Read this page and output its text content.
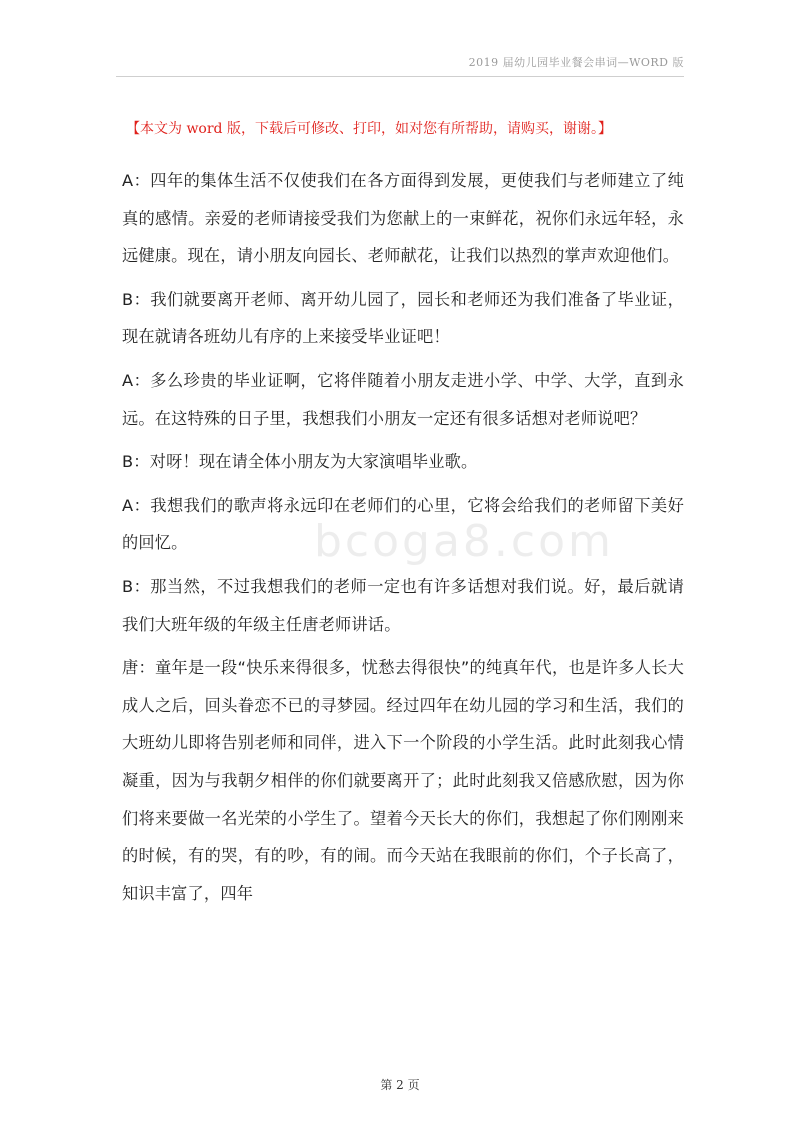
2019 届幼儿园毕业餐会串词—WORD 版
【本文为 word 版，下载后可修改、打印，如对您有所帮助，请购买，谢谢。】

A：四年的集体生活不仅使我们在各方面得到发展，更使我们与老师建立了纯真的感情。亲爱的老师请接受我们为您献上的一束鲜花，祝你们永远年轻，永远健康。现在，请小朋友向园长、老师献花，让我们以热烈的掌声欢迎他们。

B：我们就要离开老师、离开幼儿园了，园长和老师还为我们准备了毕业证，现在就请各班幼儿有序的上来接受毕业证吧！

A：多么珍贵的毕业证啊，它将伴随着小朋友走进小学、中学、大学，直到永远。在这特殊的日子里，我想我们小朋友一定还有很多话想对老师说吧？

B：对呀！现在请全体小朋友为大家演唱毕业歌。

A：我想我们的歌声将永远印在老师们的心里，它将会给我们的老师留下美好的回忆。

B：那当然，不过我想我们的老师一定也有许多话想对我们说。好，最后就请我们大班年级的年级主任唐老师讲话。

唐：童年是一段“快乐来得很多，忧愁去得很快”的纯真年代，也是许多人长大成人之后，回头眷恋不已的寻梦园。经过四年在幼儿园的学习和生活，我们的大班幼儿即将告别老师和同伴，进入下一个阶段的小学生活。此时此刻我心情凝重，因为与我朝夕相伴的你们就要离开了；此时此刻我又倍感欣慰，因为你们将来要做一名光荣的小学生了。望着今天长大的你们，我想起了你们刚刚来的时候，有的哭，有的吵，有的闹。而今天站在我眼前的你们，个子长高了，知识丰富了，四年

bcoga8.com
第 2 页
